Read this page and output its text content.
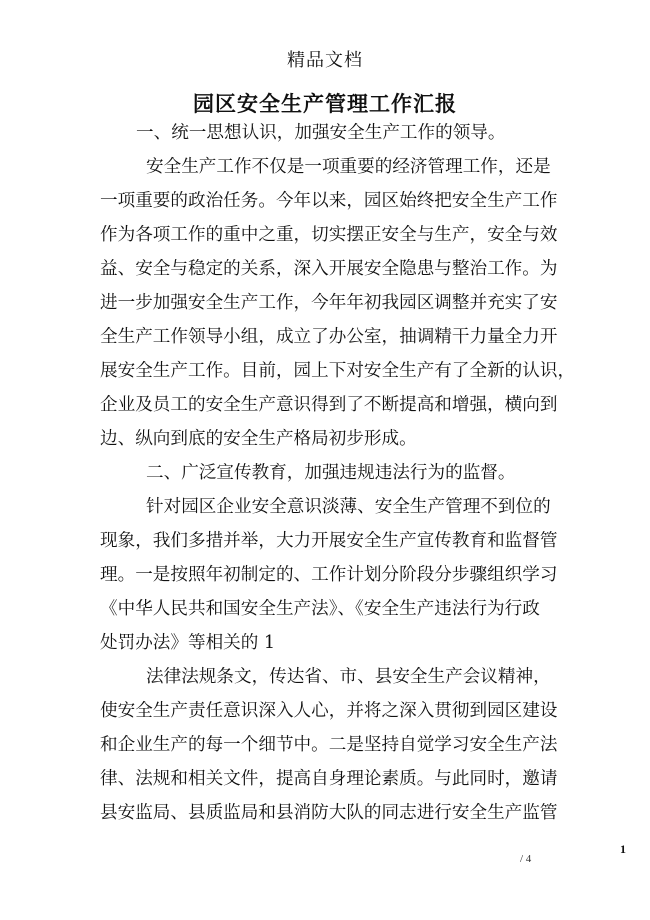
精品文档
园区安全生产管理工作汇报
一、统一思想认识，加强安全生产工作的领导。
安全生产工作不仅是一项重要的经济管理工作，还是
一项重要的政治任务。今年以来，园区始终把安全生产工作
作为各项工作的重中之重，切实摆正安全与生产，安全与效
益、安全与稳定的关系，深入开展安全隐患与整治工作。为
进一步加强安全生产工作，今年年初我园区调整并充实了安
全生产工作领导小组，成立了办公室，抽调精干力量全力开
展安全生产工作。目前，园上下对安全生产有了全新的认识，
企业及员工的安全生产意识得到了不断提高和增强，横向到
边、纵向到底的安全生产格局初步形成。
二、广泛宣传教育，加强违规违法行为的监督。
针对园区企业安全意识淡薄、安全生产管理不到位的
现象，我们多措并举，大力开展安全生产宣传教育和监督管
理。一是按照年初制定的、工作计划分阶段分步骤组织学习
《中华人民共和国安全生产法》、《安全生产违法行为行政
处罚办法》等相关的 1
法律法规条文，传达省、市、县安全生产会议精神，
使安全生产责任意识深入人心，并将之深入贯彻到园区建设
和企业生产的每一个细节中。二是坚持自觉学习安全生产法
律、法规和相关文件，提高自身理论素质。与此同时，邀请
县安监局、县质监局和县消防大队的同志进行安全生产监管
1
/ 4
